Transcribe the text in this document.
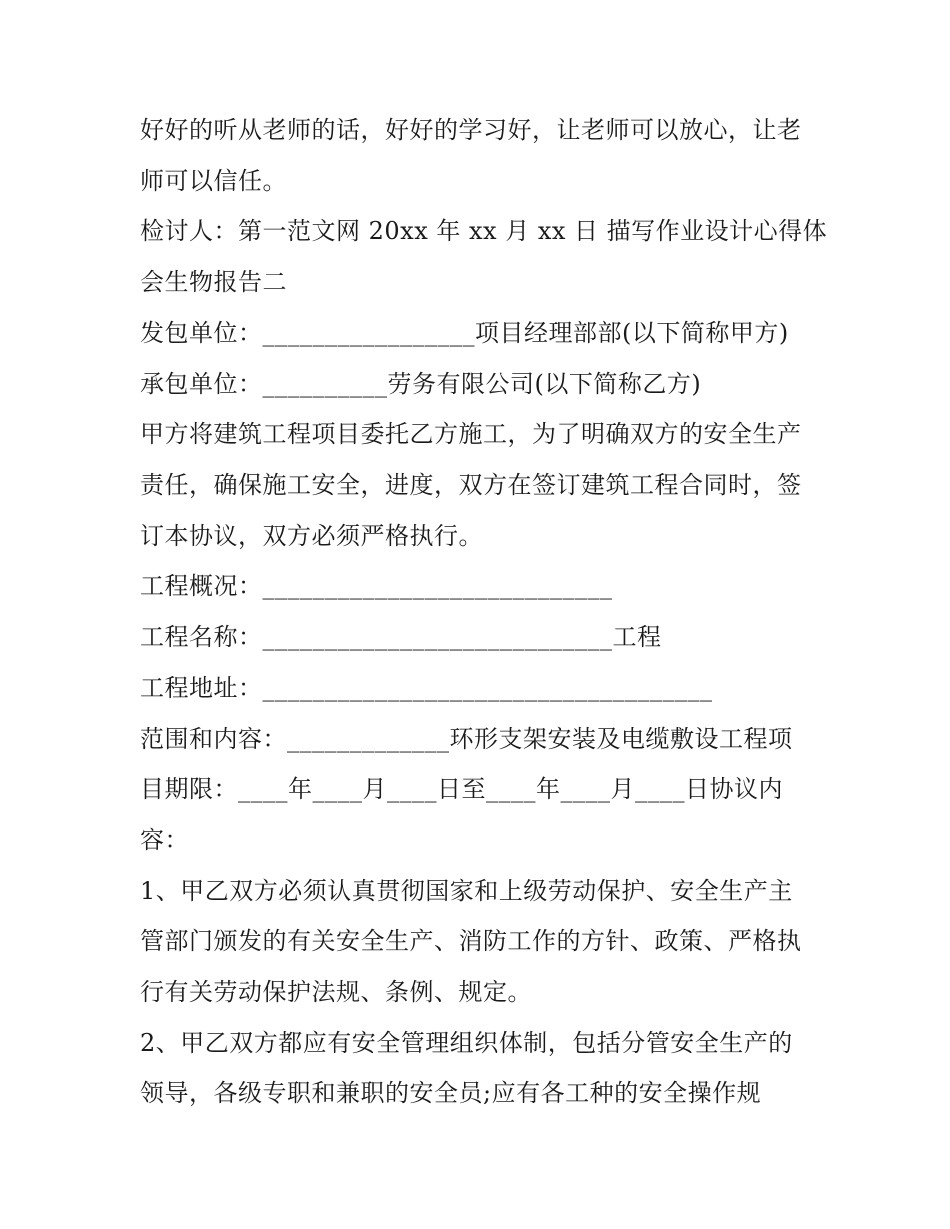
好好的听从老师的话，好好的学习好，让老师可以放心，让老
师可以信任。
检讨人：第一范文网 20xx 年 xx 月 xx 日 描写作业设计心得体
会生物报告二
发包单位：_________________项目经理部部(以下简称甲方)
承包单位：__________劳务有限公司(以下简称乙方)
甲方将建筑工程项目委托乙方施工，为了明确双方的安全生产
责任，确保施工安全，进度，双方在签订建筑工程合同时，签
订本协议，双方必须严格执行。
工程概况：____________________________
工程名称：____________________________工程
工程地址：____________________________________
范围和内容：_____________环形支架安装及电缆敷设工程项
目期限：____年____月____日至____年____月____日协议内
容：
1、甲乙双方必须认真贯彻国家和上级劳动保护、安全生产主
管部门颁发的有关安全生产、消防工作的方针、政策、严格执
行有关劳动保护法规、条例、规定。
2、甲乙双方都应有安全管理组织体制，包括分管安全生产的
领导，各级专职和兼职的安全员;应有各工种的安全操作规
